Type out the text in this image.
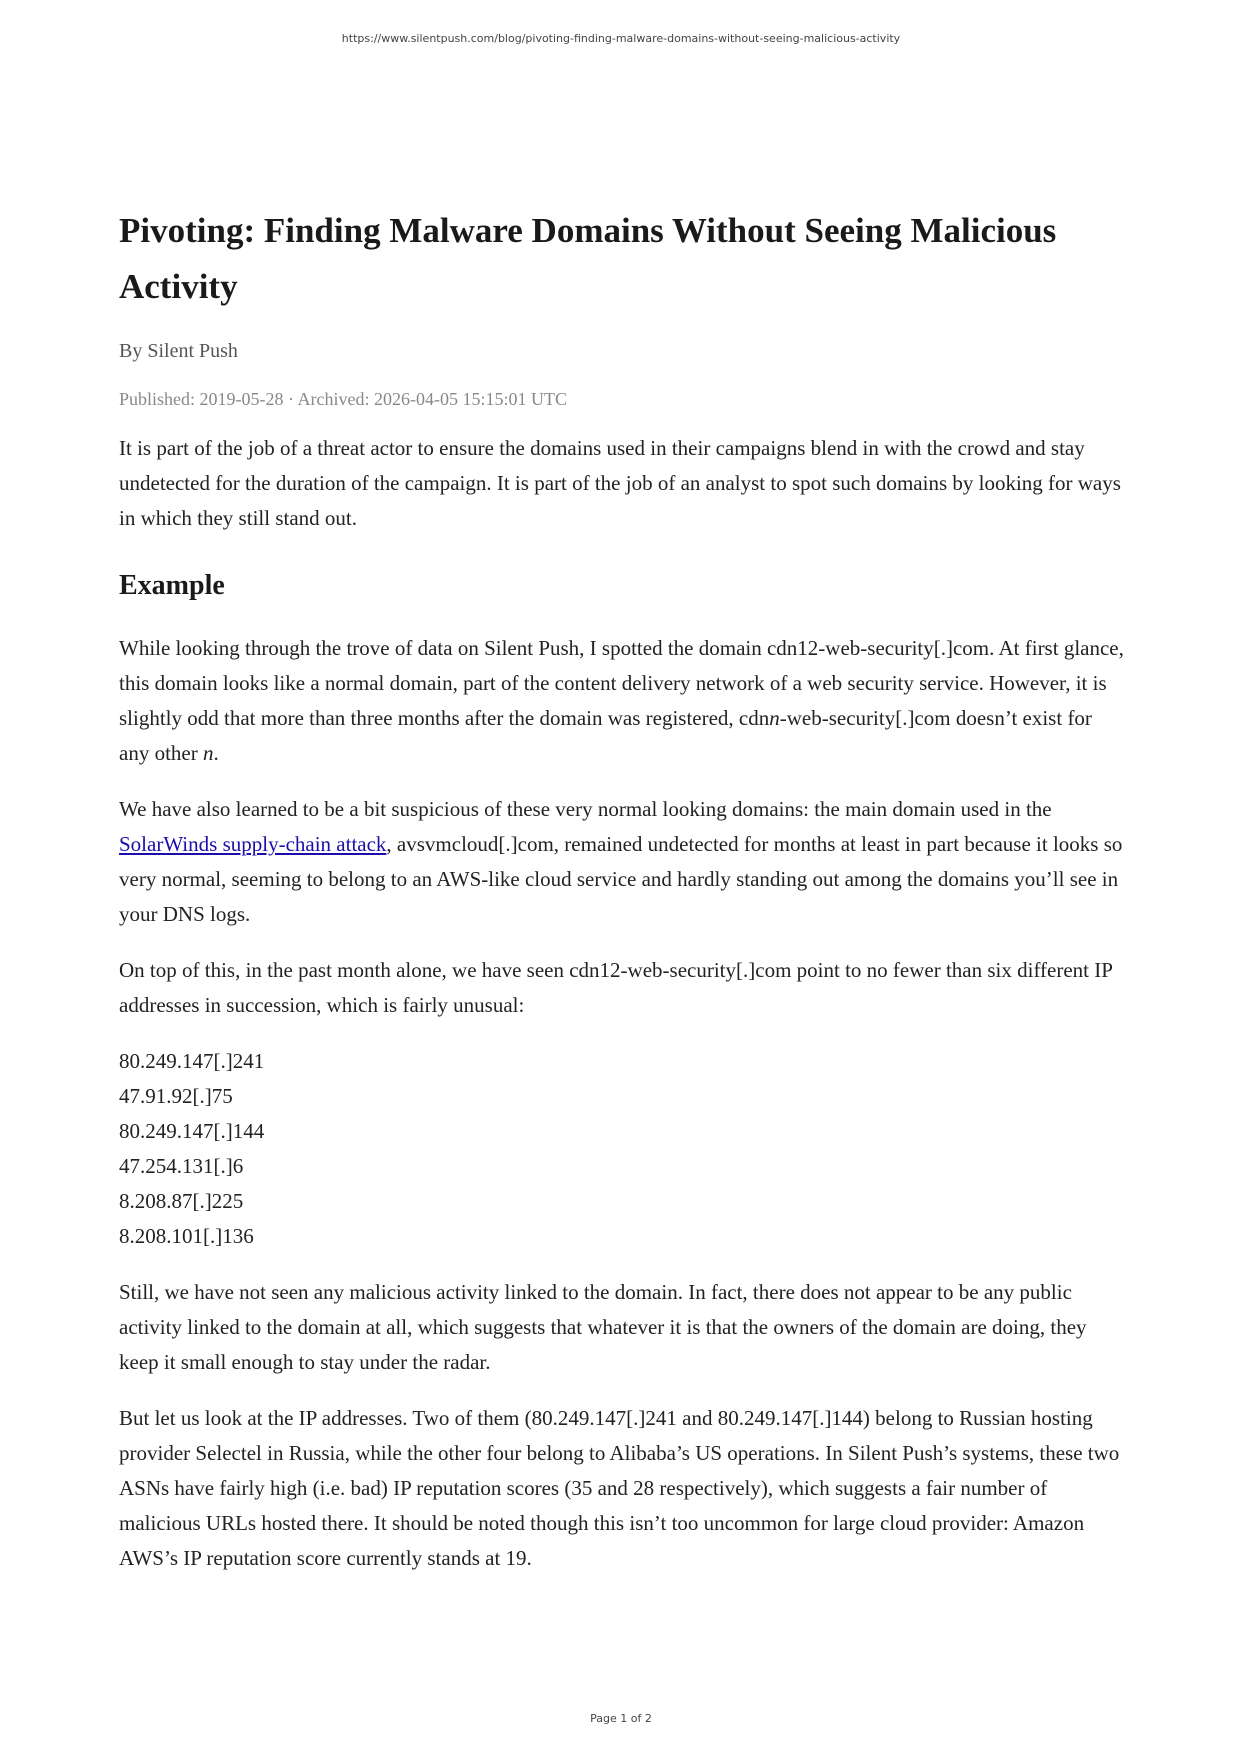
https://www.silentpush.com/blog/pivoting-finding-malware-domains-without-seeing-malicious-activity

Pivoting: Finding Malware Domains Without Seeing Malicious Activity
By Silent Push
Published: 2019-05-28 · Archived: 2026-04-05 15:15:01 UTC

It is part of the job of a threat actor to ensure the domains used in their campaigns blend in with the crowd and stay undetected for the duration of the campaign. It is part of the job of an analyst to spot such domains by looking for ways in which they still stand out.

Example

While looking through the trove of data on Silent Push, I spotted the domain cdn12-web-security[.]com. At first glance, this domain looks like a normal domain, part of the content delivery network of a web security service. However, it is slightly odd that more than three months after the domain was registered, cdnn-web-security[.]com doesn’t exist for any other n.

We have also learned to be a bit suspicious of these very normal looking domains: the main domain used in the SolarWinds supply-chain attack, avsvmcloud[.]com, remained undetected for months at least in part because it looks so very normal, seeming to belong to an AWS-like cloud service and hardly standing out among the domains you’ll see in your DNS logs.

On top of this, in the past month alone, we have seen cdn12-web-security[.]com point to no fewer than six different IP addresses in succession, which is fairly unusual:

80.249.147[.]241
47.91.92[.]75
80.249.147[.]144
47.254.131[.]6
8.208.87[.]225
8.208.101[.]136

Still, we have not seen any malicious activity linked to the domain. In fact, there does not appear to be any public activity linked to the domain at all, which suggests that whatever it is that the owners of the domain are doing, they keep it small enough to stay under the radar.

But let us look at the IP addresses. Two of them (80.249.147[.]241 and 80.249.147[.]144) belong to Russian hosting provider Selectel in Russia, while the other four belong to Alibaba’s US operations. In Silent Push’s systems, these two ASNs have fairly high (i.e. bad) IP reputation scores (35 and 28 respectively), which suggests a fair number of malicious URLs hosted there. It should be noted though this isn’t too uncommon for large cloud provider: Amazon AWS’s IP reputation score currently stands at 19.

Page 1 of 2
